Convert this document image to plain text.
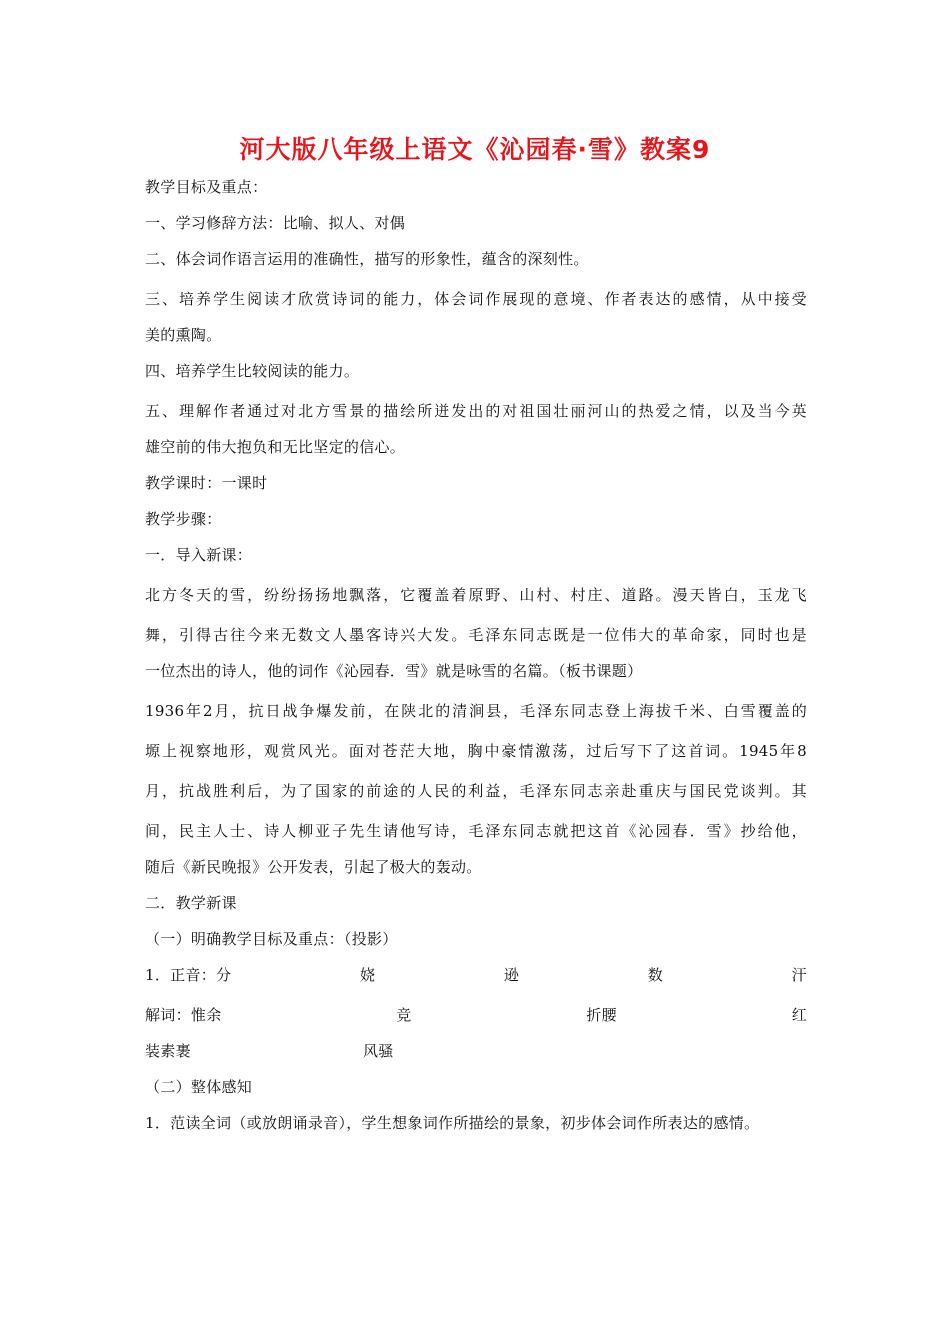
河大版八年级上语文《沁园春·雪》教案9
教学目标及重点：
一、学习修辞方法：比喻、拟人、对偶
二、体会词作语言运用的准确性，描写的形象性，蕴含的深刻性。
三、培养学生阅读才欣赏诗词的能力，体会词作展现的意境、作者表达的感情，从中接受
美的熏陶。
四、培养学生比较阅读的能力。
五、理解作者通过对北方雪景的描绘所迸发出的对祖国壮丽河山的热爱之情，以及当今英
雄空前的伟大抱负和无比坚定的信心。
教学课时：一课时
教学步骤：
一．导入新课：
北方冬天的雪，纷纷扬扬地飘落，它覆盖着原野、山村、村庄、道路。漫天皆白，玉龙飞
舞，引得古往今来无数文人墨客诗兴大发。毛泽东同志既是一位伟大的革命家，同时也是
一位杰出的诗人，他的词作《沁园春．雪》就是咏雪的名篇。（板书课题）
1936年2月，抗日战争爆发前，在陕北的清涧县，毛泽东同志登上海拔千米、白雪覆盖的
塬上视察地形，观赏风光。面对苍茫大地，胸中豪情激荡，过后写下了这首词。1945年8
月，抗战胜利后，为了国家的前途的人民的利益，毛泽东同志亲赴重庆与国民党谈判。其
间，民主人士、诗人柳亚子先生请他写诗，毛泽东同志就把这首《沁园春．雪》抄给他，
随后《新民晚报》公开发表，引起了极大的轰动。
二．教学新课
（一）明确教学目标及重点：（投影）
1．正音：分	娆	逊	数	汗
解词：惟余	竞	折腰	红
装素裹	风骚
（二）整体感知
1．范读全词（或放朗诵录音），学生想象词作所描绘的景象，初步体会词作所表达的感情。
